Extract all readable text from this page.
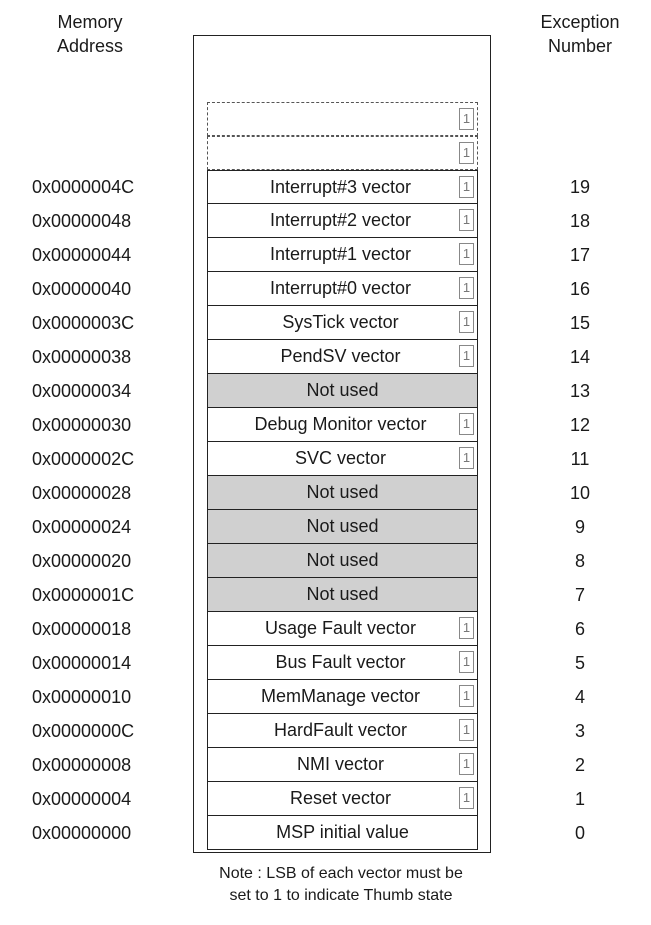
Memory
Address
Exception
Number
1
1
0x0000004C	Interrupt#3 vector	1	19
0x00000048	Interrupt#2 vector	1	18
0x00000044	Interrupt#1 vector	1	17
0x00000040	Interrupt#0 vector	1	16
0x0000003C	SysTick vector	1	15
0x00000038	PendSV vector	1	14
0x00000034	Not used	13
0x00000030	Debug Monitor vector	1	12
0x0000002C	SVC vector	1	11
0x00000028	Not used	10
0x00000024	Not used	9
0x00000020	Not used	8
0x0000001C	Not used	7
0x00000018	Usage Fault vector	1	6
0x00000014	Bus Fault vector	1	5
0x00000010	MemManage vector	1	4
0x0000000C	HardFault vector	1	3
0x00000008	NMI vector	1	2
0x00000004	Reset vector	1	1
0x00000000	MSP initial value	0
Note : LSB of each vector must be
set to 1 to indicate Thumb state
